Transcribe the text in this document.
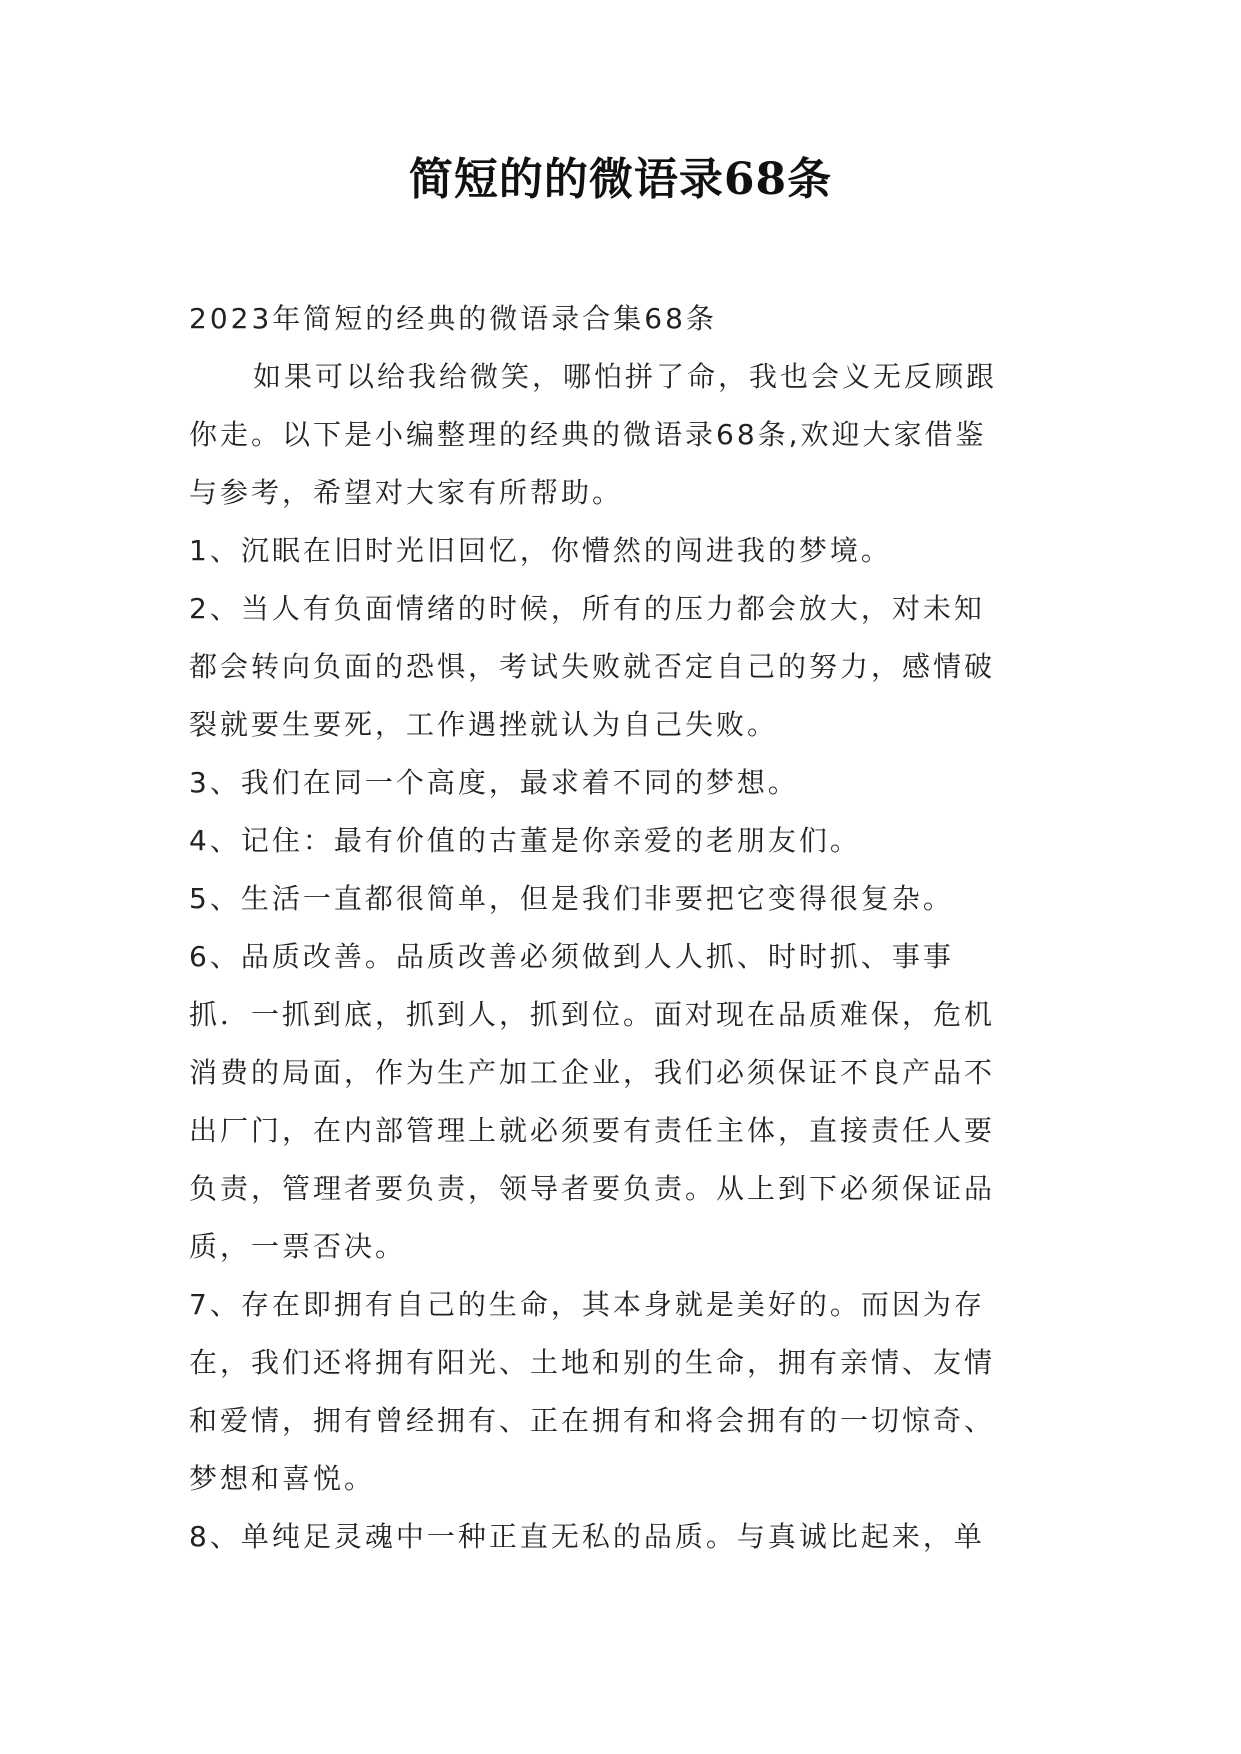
简短的的微语录68条
2023年简短的经典的微语录合集68条
如果可以给我给微笑，哪怕拼了命，我也会义无反顾跟
你走。以下是小编整理的经典的微语录68条,欢迎大家借鉴
与参考，希望对大家有所帮助。
1、沉眠在旧时光旧回忆，你懵然的闯进我的梦境。
2、当人有负面情绪的时候，所有的压力都会放大，对未知
都会转向负面的恐惧，考试失败就否定自己的努力，感情破
裂就要生要死，工作遇挫就认为自己失败。
3、我们在同一个高度，最求着不同的梦想。
4、记住：最有价值的古董是你亲爱的老朋友们。
5、生活一直都很简单，但是我们非要把它变得很复杂。
6、品质改善。品质改善必须做到人人抓、时时抓、事事
抓．一抓到底，抓到人，抓到位。面对现在品质难保，危机
消费的局面，作为生产加工企业，我们必须保证不良产品不
出厂门，在内部管理上就必须要有责任主体，直接责任人要
负责，管理者要负责，领导者要负责。从上到下必须保证品
质，一票否决。
7、存在即拥有自己的生命，其本身就是美好的。而因为存
在，我们还将拥有阳光、土地和别的生命，拥有亲情、友情
和爱情，拥有曾经拥有、正在拥有和将会拥有的一切惊奇、
梦想和喜悦。
8、单纯足灵魂中一种正直无私的品质。与真诚比起来，单
